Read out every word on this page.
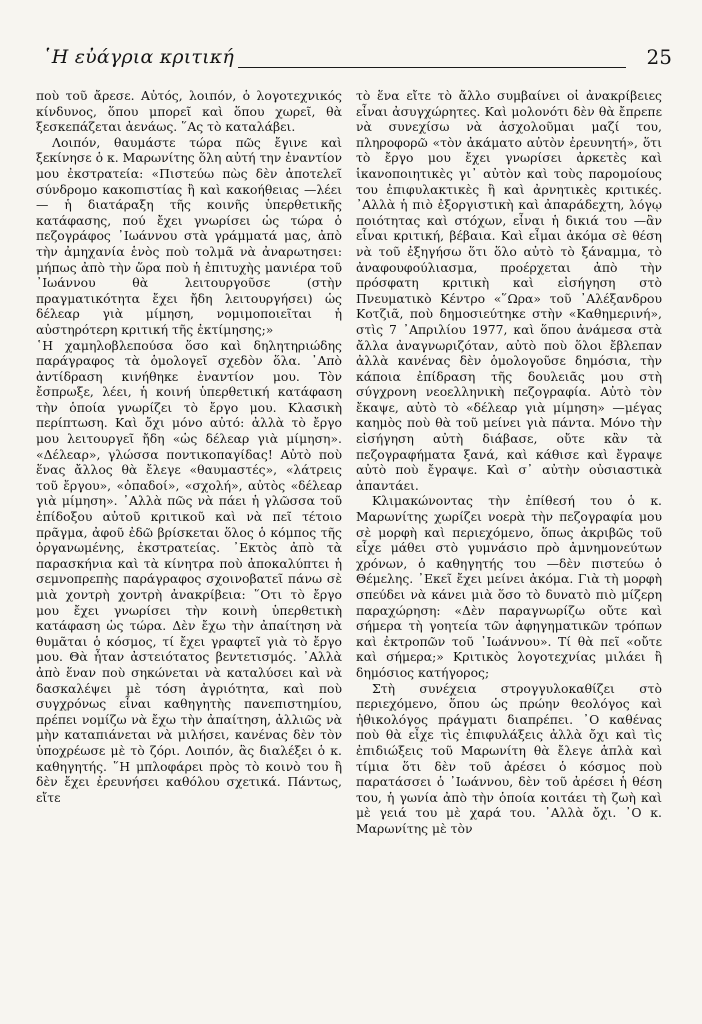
῾Η εὐάγρια κριτική	25

ποὺ τοῦ ἄρεσε. Αὐτός, λοιπόν, ὁ λογοτεχνικός κίνδυνος, ὅπου μπορεῖ καὶ ὅπου χωρεῖ, θὰ ξεσκεπάζεται ἀενάως. ῞Ας τὸ καταλάβει.

Λοιπόν, θαυμάστε τώρα πῶς ἔγινε καὶ ξεκίνησε ὁ κ. Μαρωνίτης ὅλη αὐτή την ἐναντίον μου ἐκστρατεία: «Πιστεύω πὼς δὲν ἀποτελεῖ σύνδρομο κακοπιστίας ἢ καὶ κακοήθειας —λέει— ἡ διατάραξη τῆς κοινῆς ὑπερθετικῆς κατάφασης, πού ἔχει γνωρίσει ὡς τώρα ὁ πεζογράφος ᾿Ιωάννου στὰ γράμματά μας, ἀπὸ τὴν ἀμηχανία ἑνὸς ποὺ τολμᾶ νὰ ἀναρωτησει: μήπως ἀπὸ τὴν ὥρα ποὺ ἡ ἐπιτυχὴς μανιέρα τοῦ ᾿Ιωάννου θὰ λειτουργοῦσε (στὴν πραγματικότητα ἔχει ἤδη λειτουργήσει) ὡς δέλεαρ γιὰ μίμηση, νομιμοποιεῖται ἡ αὐστηρότερη κριτική τῆς ἐκτίμησης;»

῾Η χαμηλοβλεπούσα ὅσο καὶ δηλητηριώδης παράγραφος τὰ ὁμολογεῖ σχεδὸν ὅλα. ᾿Απὸ ἀντίδραση κινήθηκε ἐναντίον μου. Τὸν ἔσπρωξε, λέει, ἡ κοινή ὑπερθετική κατάφαση τὴν ὁποία γνωρίζει τὸ ἔργο μου. Κλασικὴ περίπτωση. Καὶ ὄχι μόνο αὐτό: ἀλλὰ τὸ ἔργο μου λειτουργεῖ ἤδη «ὡς δέλεαρ γιὰ μίμηση». «Δέλεαρ», γλώσσα ποντικοπαγίδας! Αὐτὸ ποὺ ἕνας ἄλλος θὰ ἔλεγε «θαυμαστές», «λάτρεις τοῦ ἔργου», «ὀπαδοί», «σχολή», αὐτὸς «δέλεαρ γιὰ μίμηση». ᾿Αλλὰ πῶς νὰ πάει ἡ γλῶσσα τοῦ ἐπίδοξου αὐτοῦ κριτικοῦ καὶ νὰ πεῖ τέτοιο πρᾶγμα, ἀφοῦ ἐδῶ βρίσκεται ὅλος ὁ κόμπος τῆς ὀργανωμένης, ἐκστρατείας. ᾿Εκτὸς ἀπὸ τὰ παρασκήνια καὶ τὰ κίνητρα ποὺ ἀποκαλύπτει ἡ σεμνοπρεπὴς παράγραφος σχοινοβατεῖ πάνω σὲ μιὰ χοντρὴ χοντρὴ ἀνακρίβεια: ῞Οτι τὸ ἔργο μου ἔχει γνωρίσει τὴν κοινὴ ὑπερθετικὴ κατάφαση ὡς τώρα. Δὲν ἔχω τὴν ἀπαίτηση νὰ θυμᾶται ὁ κόσμος, τί ἔχει γραφτεῖ γιὰ τὸ ἔργο μου. Θὰ ἦταν ἀστειότατος βεντετισμός. ᾿Αλλὰ ἀπὸ ἕναν ποὺ σηκώνεται νὰ καταλύσει καὶ νὰ δασκαλέψει μὲ τόση ἀγριότητα, καὶ ποὺ συγχρόνως εἶναι καθηγητὴς πανεπιστημίου, πρέπει νομίζω νὰ ἔχω τὴν ἀπαίτηση, ἀλλιῶς νὰ μὴν καταπιάνεται νὰ μιλήσει, κανένας δὲν τὸν ὑποχρέωσε μὲ τὸ ζόρι. Λοιπόν, ἃς διαλέξει ὁ κ. καθηγητής. ῞Η μπλοφάρει πρὸς τὸ κοινὸ του ἢ δὲν ἔχει ἐρευνήσει καθόλου σχετικά. Πάντως, εἴτε

τὸ ἕνα εἴτε τὸ ἄλλο συμβαίνει οἱ ἀνακρίβειες εἶναι ἀσυγχώρητες. Καὶ μολονότι δὲν θὰ ἔπρεπε νὰ συνεχίσω νὰ ἀσχολοῦμαι μαζί του, πληροφορῶ «τὸν ἀκάματο αὐτὸν ἐρευνητή», ὅτι τὸ ἔργο μου ἔχει γνωρίσει ἀρκετὲς καὶ ἱκανοποιητικὲς γι᾿ αὐτὸν καὶ τοὺς παρομοίους του ἐπιφυλακτικὲς ἢ καὶ ἀρνητικὲς κριτικές. ᾿Αλλὰ ἡ πιὸ ἐξοργιστικὴ καὶ ἀπαράδεχτη, λόγῳ ποιότητας καὶ στόχων, εἶναι ἡ δικιά του —ἂν εἶναι κριτική, βέβαια. Καὶ εἶμαι ἀκόμα σὲ θέση νὰ τοῦ ἐξηγήσω ὅτι ὅλο αὐτὸ τὸ ξάναμμα, τὸ ἀναφουφούλιασμα, προέρχεται ἀπὸ τὴν πρόσφατη κριτικὴ καὶ εἰσήγηση στὸ Πνευματικὸ Κέντρο «῞Ωρα» τοῦ ᾿Αλέξανδρου Κοτζιᾶ, ποὺ δημοσιεύτηκε στὴν «Καθημερινή», στὶς 7 ᾿Απριλίου 1977, καὶ ὅπου ἀνάμεσα στὰ ἄλλα ἀναγνωριζόταν, αὐτὸ ποὺ ὅλοι ἔβλεπαν ἀλλὰ κανένας δὲν ὁμολογοῦσε δημόσια, τὴν κάποια ἐπίδραση τῆς δουλειᾶς μου στὴ σύγχρονη νεοελληνικὴ πεζογραφία. Αὐτὸ τὸν ἔκαψε, αὐτὸ τὸ «δέλεαρ γιὰ μίμηση» —μέγας καημὸς ποὺ θὰ τοῦ μείνει γιὰ πάντα. Μόνο τὴν εἰσήγηση αὐτὴ διάβασε, οὔτε κἂν τὰ πεζογραφήματα ξανά, καὶ κάθισε καὶ ἔγραψε αὐτὸ ποὺ ἔγραψε. Καὶ σ᾿ αὐτὴν οὐσιαστικὰ ἀπαντάει.

Κλιμακώνοντας τὴν ἐπίθεσή του ὁ κ. Μαρωνίτης χωρίζει νοερὰ τὴν πεζογραφία μου σὲ μορφὴ καὶ περιεχόμενο, ὅπως ἀκριβῶς τοῦ εἶχε μάθει στὸ γυμνάσιο πρὸ ἀμνημονεύτων χρόνων, ὁ καθηγητής του —δὲν πιστεύω ὁ Θέμελης. ᾿Εκεῖ ἔχει μείνει ἀκόμα. Γιὰ τὴ μορφὴ σπεύδει νὰ κάνει μιὰ ὅσο τὸ δυνατὸ πιὸ μίζερη παραχώρηση: «Δὲν παραγνωρίζω οὔτε καὶ σήμερα τὴ γοητεία τῶν ἀφηγηματικῶν τρόπων καὶ ἐκτροπῶν τοῦ ᾿Ιωάννου». Τί θὰ πεῖ «οὔτε καὶ σήμερα;» Κριτικὸς λογοτεχνίας μιλάει ἢ δημόσιος κατήγορος;

Στὴ συνέχεια στρογγυλοκαθίζει στὸ περιεχόμενο, ὅπου ὡς πρώην θεολόγος καὶ ἠθικολόγος πράγματι διαπρέπει. ᾿Ο καθένας ποὺ θὰ εἶχε τὶς ἐπιφυλάξεις ἀλλὰ ὄχι καὶ τὶς ἐπιδιώξεις τοῦ Μαρωνίτη θὰ ἔλεγε ἁπλὰ καὶ τίμια ὅτι δὲν τοῦ ἀρέσει ὁ κόσμος ποὺ παρατάσσει ὁ ᾿Ιωάννου, δὲν τοῦ ἀρέσει ἡ θέση του, ἡ γωνία ἀπὸ τὴν ὁποία κοιτάει τὴ ζωὴ καὶ μὲ γειά του μὲ χαρά του. ᾿Αλλὰ ὄχι. ᾿Ο κ. Μαρωνίτης μὲ τὸν
